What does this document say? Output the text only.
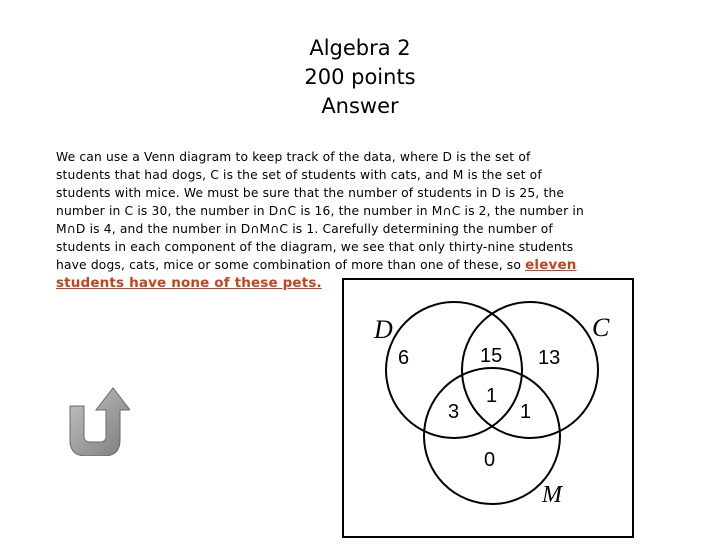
Algebra 2
200 points
Answer
We can use a Venn diagram to keep track of the data, where D is the set of
students that had dogs, C is the set of students with cats, and M is the set of
students with mice. We must be sure that the number of students in D is 25, the
number in C is 30, the number in D∩C is 16, the number in M∩C is 2, the number in
M∩D is 4, and the number in D∩M∩C is 1. Carefully determining the number of
students in each component of the diagram, we see that only thirty-nine students
have dogs, cats, mice or some combination of more than one of these, so eleven
students have none of these pets.
D	C
M
6	15 13
1
3	1
0
